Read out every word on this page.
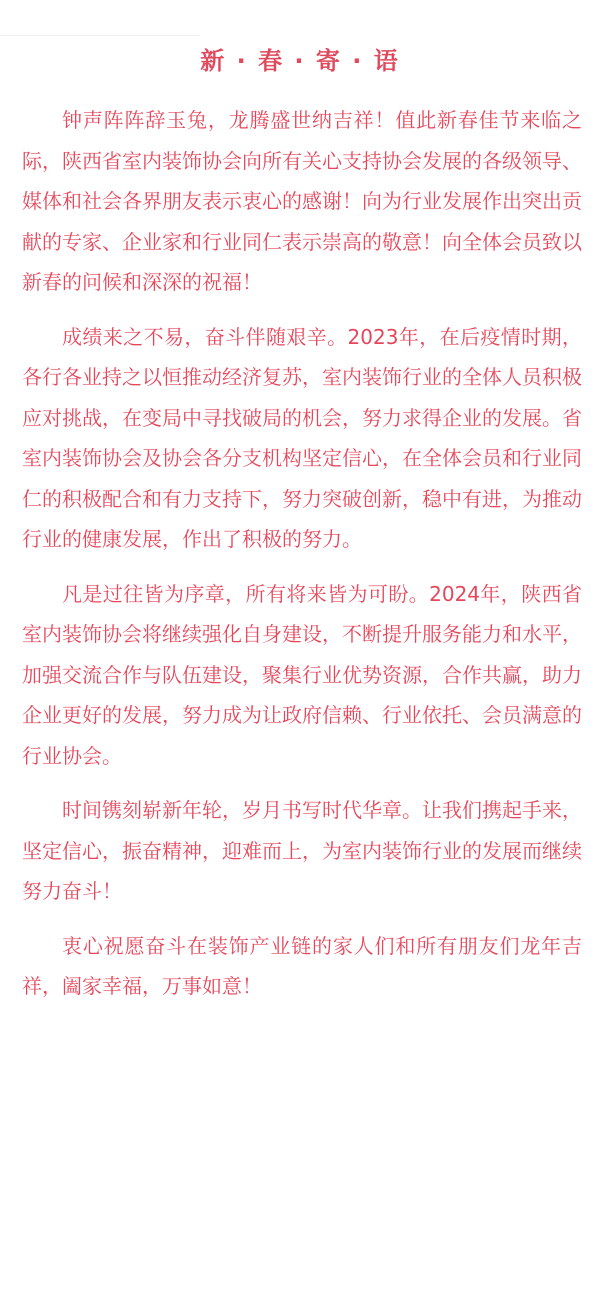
新 · 春 · 寄 · 语

钟声阵阵辞玉兔，龙腾盛世纳吉祥！值此新春佳节来临之际，陕西省室内装饰协会向所有关心支持协会发展的各级领导、媒体和社会各界朋友表示衷心的感谢！向为行业发展作出突出贡献的专家、企业家和行业同仁表示崇高的敬意！向全体会员致以新春的问候和深深的祝福！

成绩来之不易，奋斗伴随艰辛。2023年，在后疫情时期，各行各业持之以恒推动经济复苏，室内装饰行业的全体人员积极应对挑战，在变局中寻找破局的机会，努力求得企业的发展。省室内装饰协会及协会各分支机构坚定信心，在全体会员和行业同仁的积极配合和有力支持下，努力突破创新，稳中有进，为推动行业的健康发展，作出了积极的努力。

凡是过往皆为序章，所有将来皆为可盼。2024年，陕西省室内装饰协会将继续强化自身建设，不断提升服务能力和水平，加强交流合作与队伍建设，聚集行业优势资源，合作共赢，助力企业更好的发展，努力成为让政府信赖、行业依托、会员满意的行业协会。

时间镌刻崭新年轮，岁月书写时代华章。让我们携起手来，坚定信心，振奋精神，迎难而上，为室内装饰行业的发展而继续努力奋斗！

衷心祝愿奋斗在装饰产业链的家人们和所有朋友们龙年吉祥，阖家幸福，万事如意！
